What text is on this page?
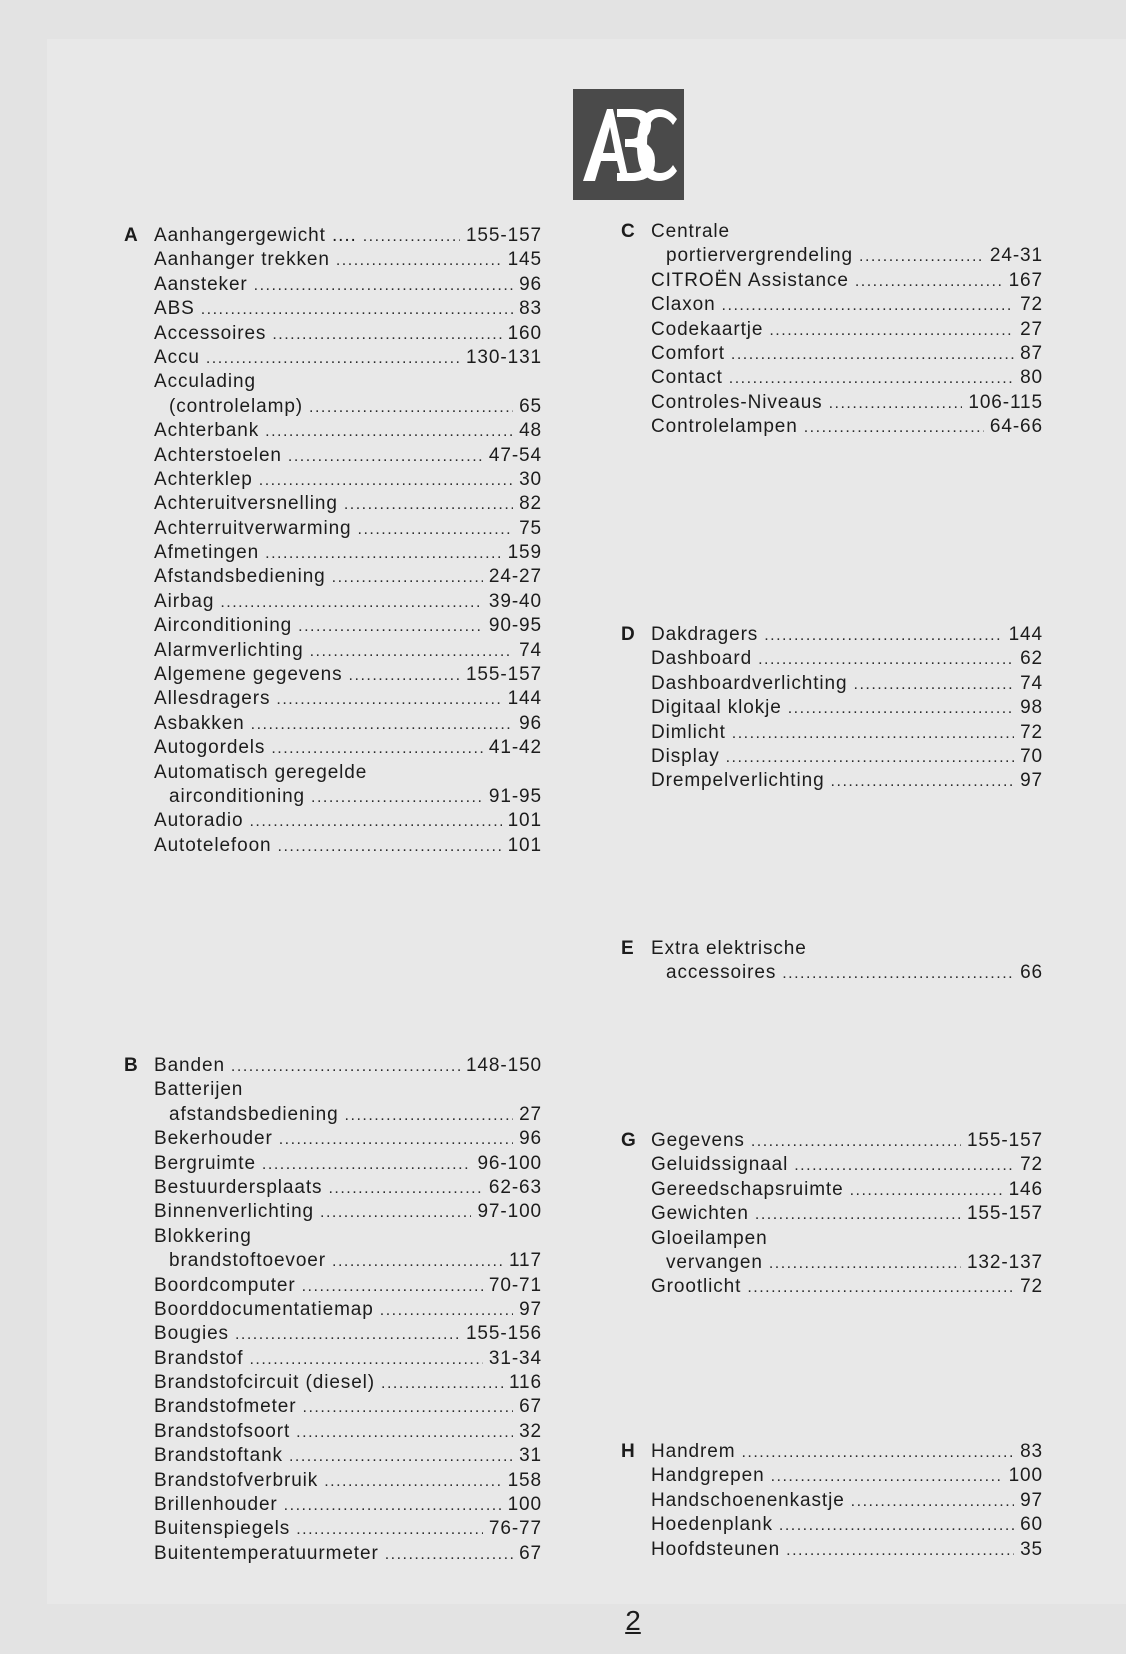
A Aanhangergewicht .... .....	155-157
Aanhanger trekken .....	145
Aansteker .....	96
ABS .....	83
Accessoires .....	160
Accu .....	130-131
Acculading
(controlelamp) .....	65
Achterbank .....	48
Achterstoelen .....	47-54
Achterklep .....	30
Achteruitversnelling .....	82
Achterruitverwarming .....	75
Afmetingen .....	159
Afstandsbediening .....	24-27
Airbag .....	39-40
Airconditioning .....	90-95
Alarmverlichting .....	74
Algemene gegevens .....	155-157
Allesdragers .....	144
Asbakken .....	96
Autogordels .....	41-42
Automatisch geregelde
airconditioning .....	91-95
Autoradio .....	101
Autotelefoon .....	101
B Banden .....	148-150
Batterijen
afstandsbediening .....	27
Bekerhouder .....	96
Bergruimte .....	96-100
Bestuurdersplaats .....	62-63
Binnenverlichting .....	97-100
Blokkering
brandstoftoevoer .....	117
Boordcomputer .....	70-71
Boorddocumentatiemap .....	97
Bougies .....	155-156
Brandstof .....	31-34
Brandstofcircuit (diesel) .....	116
Brandstofmeter .....	67
Brandstofsoort .....	32
Brandstoftank .....	31
Brandstofverbruik .....	158
Brillenhouder .....	100
Buitenspiegels .....	76-77
Buitentemperatuurmeter .....	67
C Centrale
portiervergrendeling .....	24-31
CITROËN Assistance .....	167
Claxon .....	72
Codekaartje .....	27
Comfort .....	87
Contact .....	80
Controles-Niveaus .....	106-115
Controlelampen .....	64-66
D Dakdragers .....	144
Dashboard .....	62
Dashboardverlichting .....	74
Digitaal klokje .....	98
Dimlicht .....	72
Display .....	70
Drempelverlichting .....	97
E Extra elektrische
accessoires .....	66
G Gegevens .....	155-157
Geluidssignaal .....	72
Gereedschapsruimte .....	146
Gewichten .....	155-157
Gloeilampen
vervangen .....	132-137
Grootlicht .....	72
H Handrem .....	83
Handgrepen .....	100
Handschoenenkastje .....	97
Hoedenplank .....	60
Hoofdsteunen .....	35
2
